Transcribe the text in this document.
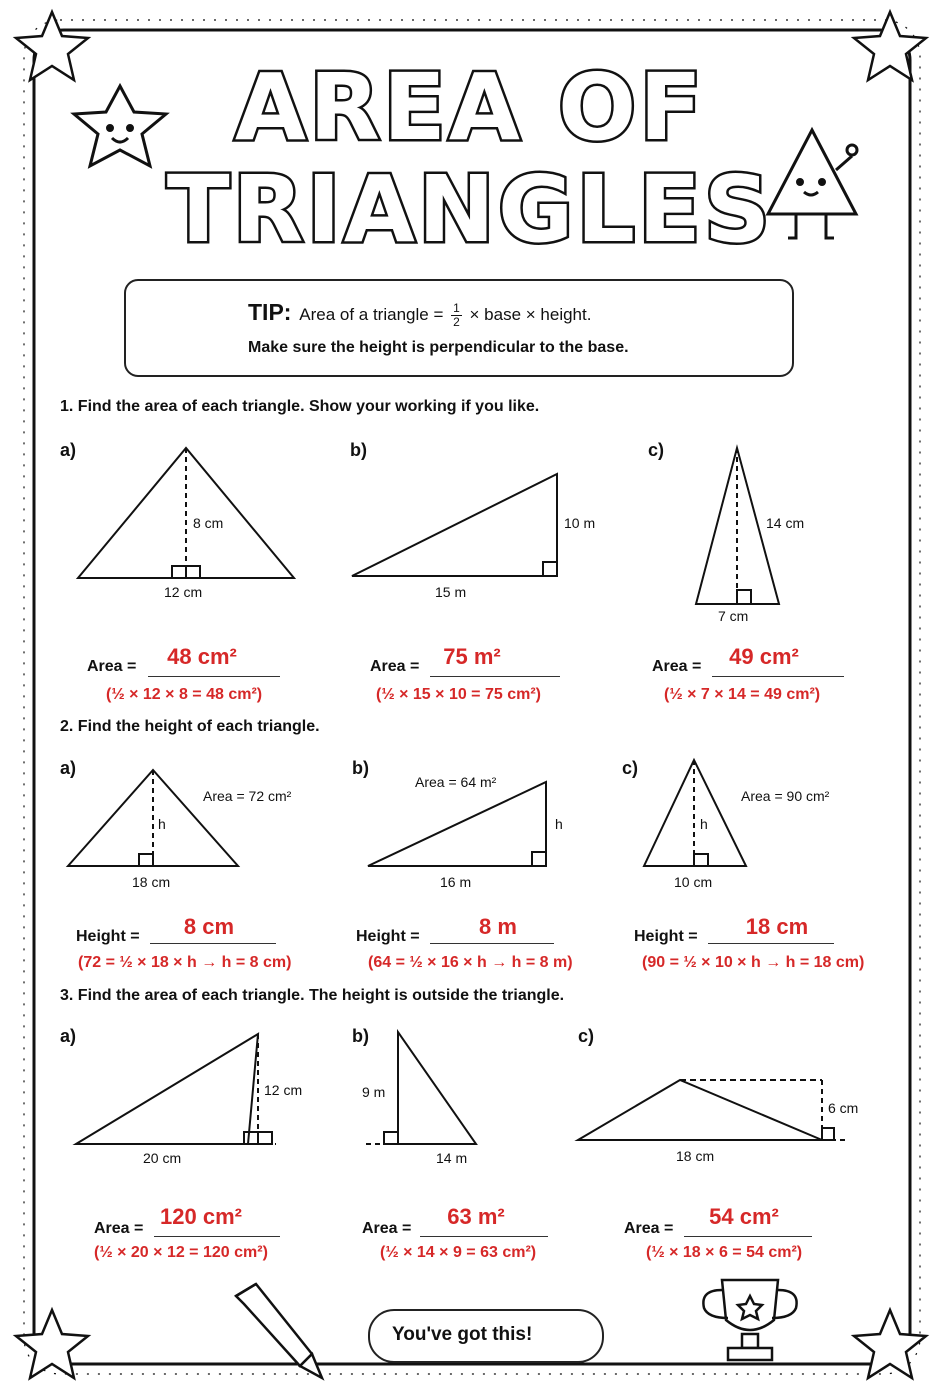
AREA OF
TRIANGLES
TIP: Area of a triangle = $\frac{1}{2}$ × base × height.
Make sure the height is perpendicular to the base.
1. Find the area of each triangle. Show your working if you like.
a)	b)	c)
8 cm
12 cm
10 m
15 m
14 cm
7 cm
Area =	48 cm²
(½ × 12 × 8 = 48 cm²)
Area =	75 m²
(½ × 15 × 10 = 75 cm²)
Area =	49 cm²
(½ × 7 × 14 = 49 cm²)
2. Find the height of each triangle.
a)	b)	c)
Area = 72 cm²
h
18 cm
Area = 64 m²
h
16 m
Area = 90 cm²
h
10 cm
Height =	8 cm
(72 = ½ × 18 × h → h = 8 cm)
Height =	8 m
(64 = ½ × 16 × h → h = 8 m)
Height =	18 cm
(90 = ½ × 10 × h → h = 18 cm)
3. Find the area of each triangle. The height is outside the triangle.
a)	b)	c)
12 cm
20 cm
9 m
14 m
6 cm
18 cm
Area = 120 cm²
(½ × 20 × 12 = 120 cm²)
Area =	63 m²
(½ × 14 × 9 = 63 cm²)
Area =	54 cm²
(½ × 18 × 6 = 54 cm²)
You've got this!
